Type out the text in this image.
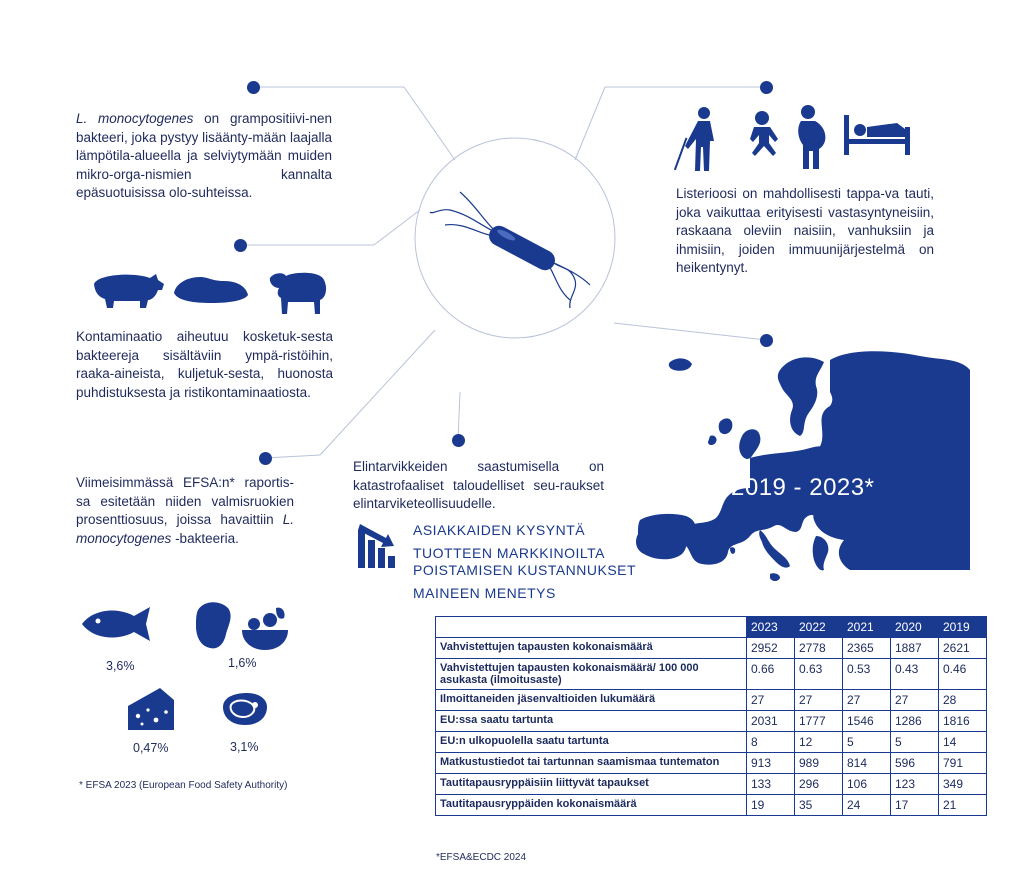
L. monocytogenes on grampositiivi-nen bakteeri, joka pystyy lisäänty-mään laajalla lämpötila-alueella ja selviytymään muiden mikro-orga-nismien kannalta epäsuotuisissa olo-suhteissa.	Listerioosi on mahdollisesti tappa-va tauti, joka vaikuttaa erityisesti vastasyntyneisiin, raskaana oleviin naisiin, vanhuksiin ja ihmisiin, joiden immuunijärjestelmä on heikentynyt.
Kontaminaatio aiheutuu kosketuk-sesta bakteereja sisältäviin ympä-ristöihin, raaka-aineista, kuljetuk-sesta, huonosta puhdistuksesta ja ristikontaminaatiosta.
Viimeisimmässä EFSA:n* raportis-sa esitetään niiden valmisruokien prosenttiosuus, joissa havaittiin L. monocytogenes -bakteeria.
Elintarvikkeiden saastumisella on katastrofaaliset taloudelliset seu-raukset elintarviketeollisuudelle.
ASIAKKAIDEN KYSYNTÄ
TUOTTEEN MARKKINOILTA
POISTAMISEN KUSTANNUKSET
MAINEEN MENETYS
2019 - 2023*
3,6%	1,6%
0,47%	3,1%
* EFSA 2023 (European Food Safety Authority)
	2023	2022	2021	2020	2019
Vahvistettujen tapausten kokonaismäärä	2952	2778	2365	1887	2621
Vahvistettujen tapausten kokonaismäärä/ 100 000 asukasta (ilmoitusaste)	0.66	0.63	0.53	0.43	0.46
Ilmoittaneiden jäsenvaltioiden lukumäärä	27	27	27	27	28
EU:ssa saatu tartunta	2031	1777	1546	1286	1816
EU:n ulkopuolella saatu tartunta	8	12	5	5	14
Matkustustiedot tai tartunnan saamismaa tuntematon	913	989	814	596	791
Tautitapausryppäisiin liittyvät tapaukset	133	296	106	123	349
Tautitapausryppäiden kokonaismäärä	19	35	24	17	21
*EFSA&ECDC 2024
